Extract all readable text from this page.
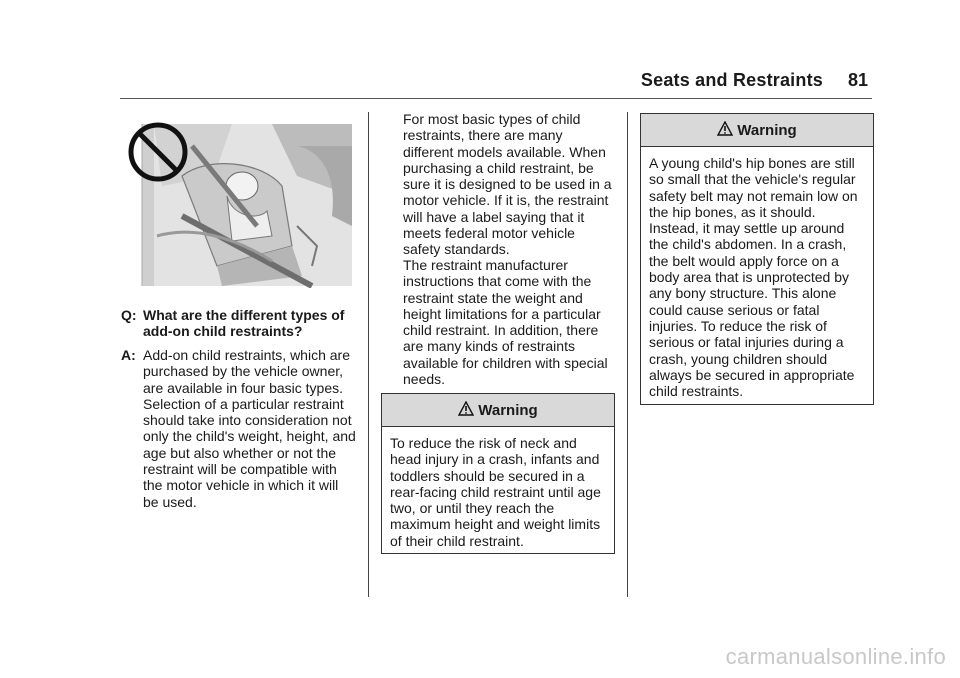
Seats and Restraints 81
Q: What are the different types of add-on child restraints?
A: Add-on child restraints, which are purchased by the vehicle owner, are available in four basic types. Selection of a particular restraint should take into consideration not only the child's weight, height, and age but also whether or not the restraint will be compatible with the motor vehicle in which it will be used.

For most basic types of child restraints, there are many different models available. When purchasing a child restraint, be sure it is designed to be used in a motor vehicle. If it is, the restraint will have a label saying that it meets federal motor vehicle safety standards.

The restraint manufacturer instructions that come with the restraint state the weight and height limitations for a particular child restraint. In addition, there are many kinds of restraints available for children with special needs.

Warning
To reduce the risk of neck and head injury in a crash, infants and toddlers should be secured in a rear-facing child restraint until age two, or until they reach the maximum height and weight limits of their child restraint.
Warning
A young child's hip bones are still so small that the vehicle's regular safety belt may not remain low on the hip bones, as it should. Instead, it may settle up around the child's abdomen. In a crash, the belt would apply force on a body area that is unprotected by any bony structure. This alone could cause serious or fatal injuries. To reduce the risk of serious or fatal injuries during a crash, young children should always be secured in appropriate child restraints.
carmanualsonline.info
